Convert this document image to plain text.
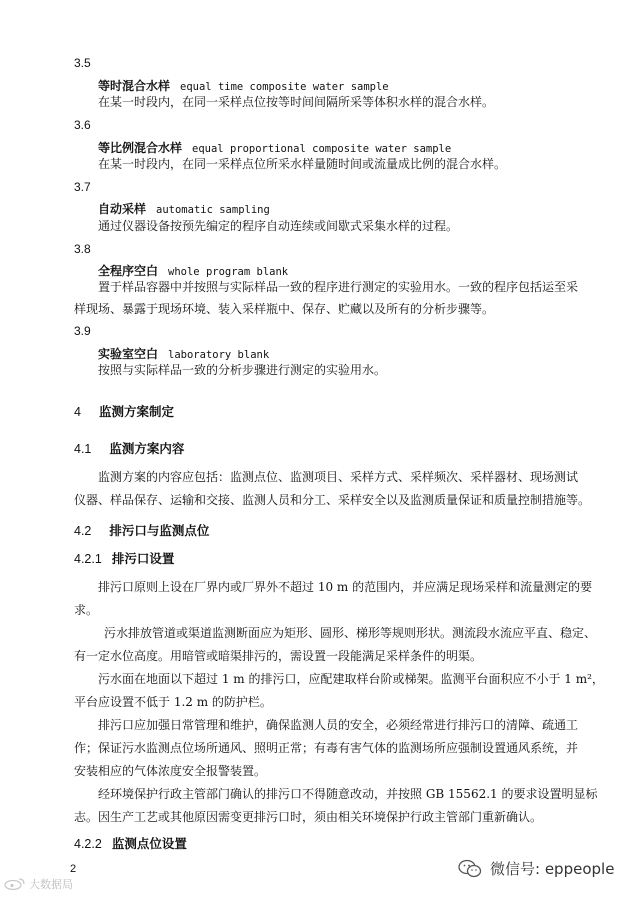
3.5
等时混合水样 equal time composite water sample
在某一时段内，在同一采样点位按等时间间隔所采等体积水样的混合水样。
3.6
等比例混合水样 equal proportional composite water sample
在某一时段内，在同一采样点位所采水样量随时间或流量成比例的混合水样。
3.7
自动采样 automatic sampling
通过仪器设备按预先编定的程序自动连续或间歇式采集水样的过程。
3.8
全程序空白 whole program blank
置于样品容器中并按照与实际样品一致的程序进行测定的实验用水。一致的程序包括运至采
样现场、暴露于现场环境、装入采样瓶中、保存、贮藏以及所有的分析步骤等。
3.9
实验室空白 laboratory blank
按照与实际样品一致的分析步骤进行测定的实验用水。
4 监测方案制定
4.1 监测方案内容
监测方案的内容应包括：监测点位、监测项目、采样方式、采样频次、采样器材、现场测试
仪器、样品保存、运输和交接、监测人员和分工、采样安全以及监测质量保证和质量控制措施等。
4.2 排污口与监测点位
4.2.1 排污口设置
排污口原则上设在厂界内或厂界外不超过 10 m 的范围内，并应满足现场采样和流量测定的要
求。
污水排放管道或渠道监测断面应为矩形、圆形、梯形等规则形状。测流段水流应平直、稳定、
有一定水位高度。用暗管或暗渠排污的，需设置一段能满足采样条件的明渠。
污水面在地面以下超过 1 m 的排污口，应配建取样台阶或梯架。监测平台面积应不小于 1 m²，
平台应设置不低于 1.2 m 的防护栏。
排污口应加强日常管理和维护，确保监测人员的安全，必须经常进行排污口的清障、疏通工
作；保证污水监测点位场所通风、照明正常；有毒有害气体的监测场所应强制设置通风系统，并
安装相应的气体浓度安全报警装置。
经环境保护行政主管部门确认的排污口不得随意改动，并按照 GB 15562.1 的要求设置明显标
志。因生产工艺或其他原因需变更排污口时，须由相关环境保护行政主管部门重新确认。
4.2.2 监测点位设置
2
大数据局
微信号: eppeople
